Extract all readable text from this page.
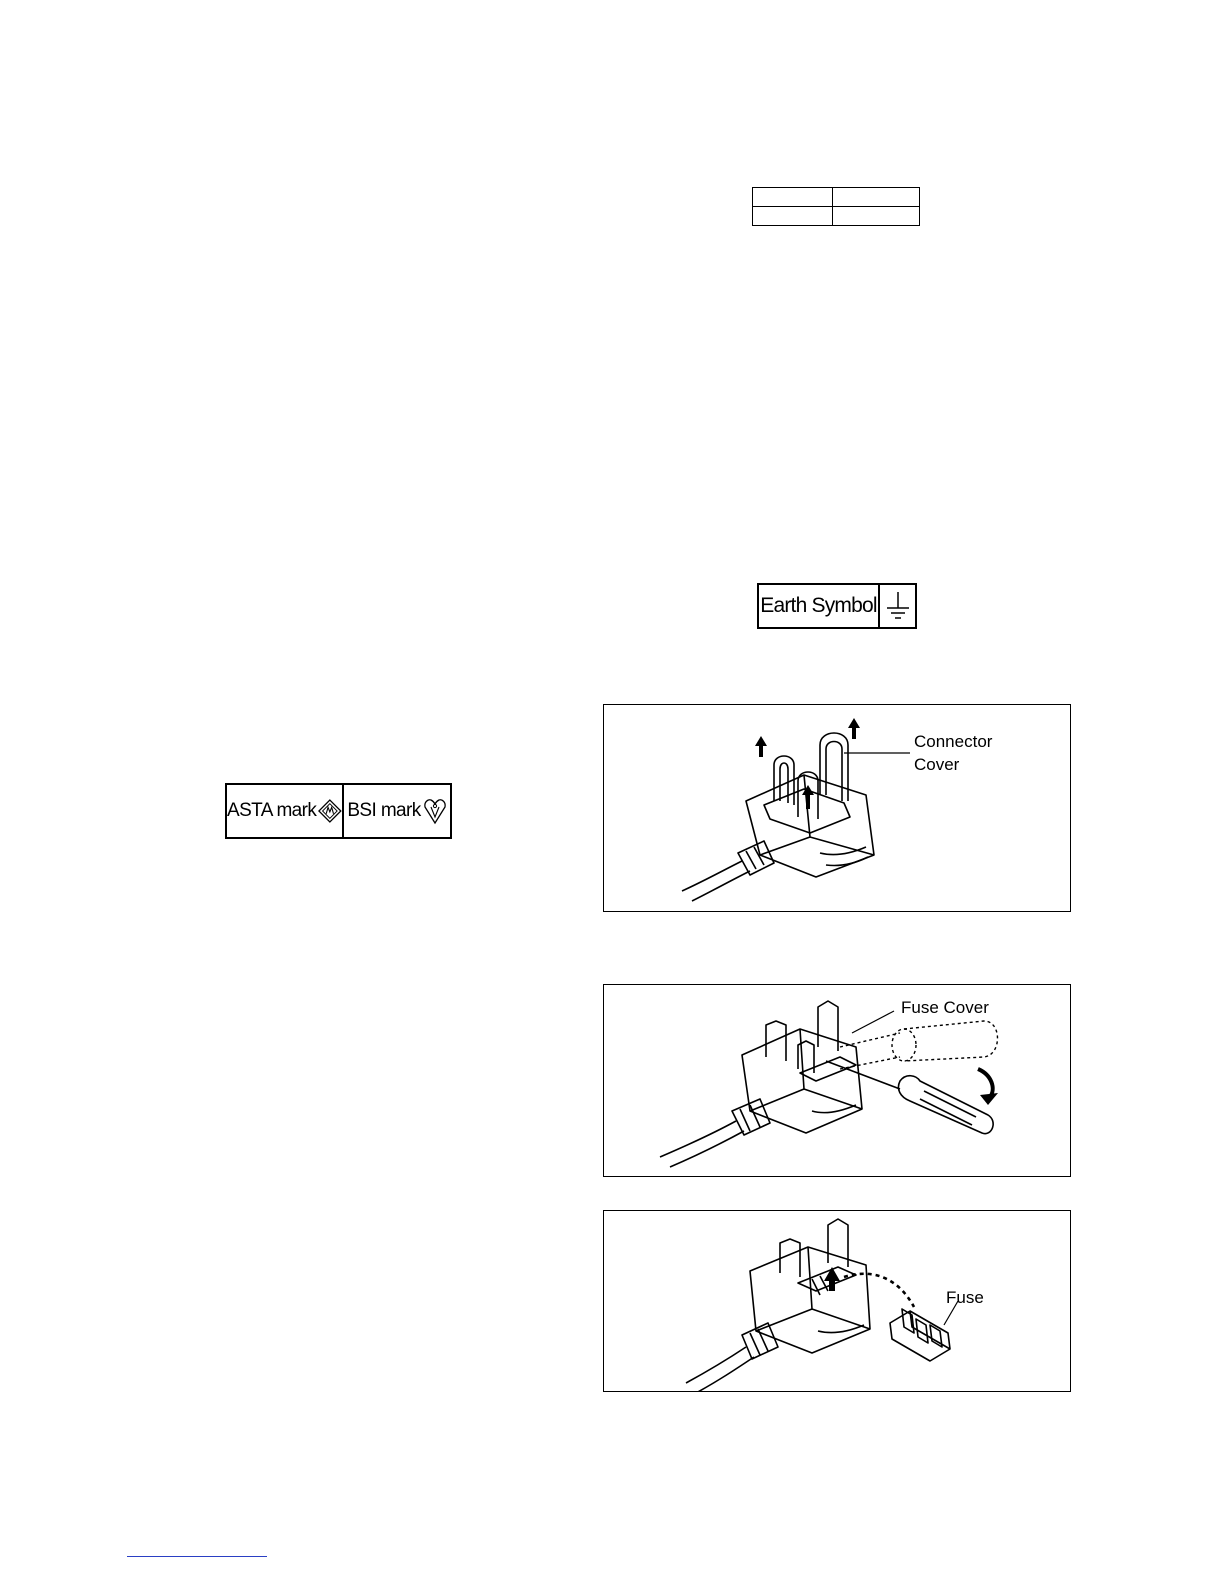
Earth Symbol
ASTA mark BSI mark
Connector
Cover
Fuse Cover
Fuse
